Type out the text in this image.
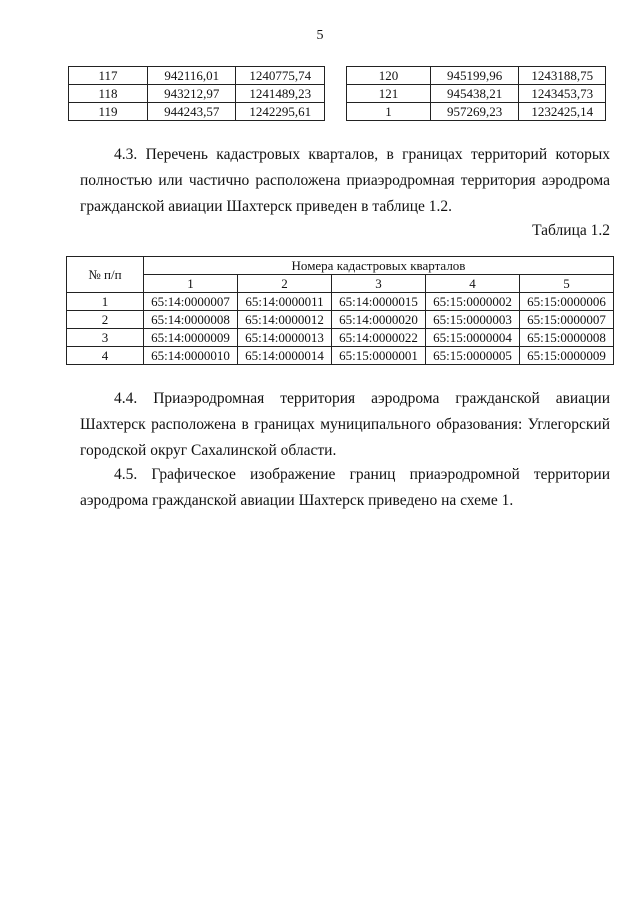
5
117	942116,01	1240775,74
118	943212,97	1241489,23
119	944243,57	1242295,61
120	945199,96	1243188,75
121	945438,21	1243453,73
1	957269,23	1232425,14

4.3. Перечень кадастровых кварталов, в границах территорий которых полностью или частично расположена приаэродромная территория аэродрома гражданской авиации Шахтерск приведен в таблице 1.2.

Таблица 1.2
№ п/п	Номера кадастровых кварталов				
	1	2	3	4	5
1	65:14:0000007	65:14:0000011	65:14:0000015	65:15:0000002	65:15:0000006
2	65:14:0000008	65:14:0000012	65:14:0000020	65:15:0000003	65:15:0000007
3	65:14:0000009	65:14:0000013	65:14:0000022	65:15:0000004	65:15:0000008
4	65:14:0000010	65:14:0000014	65:15:0000001	65:15:0000005	65:15:0000009

4.4. Приаэродромная территория аэродрома гражданской авиации Шахтерск расположена в границах муниципального образования: Углегорский городской округ Сахалинской области.

4.5. Графическое изображение границ приаэродромной территории аэродрома гражданской авиации Шахтерск приведено на схеме 1.
